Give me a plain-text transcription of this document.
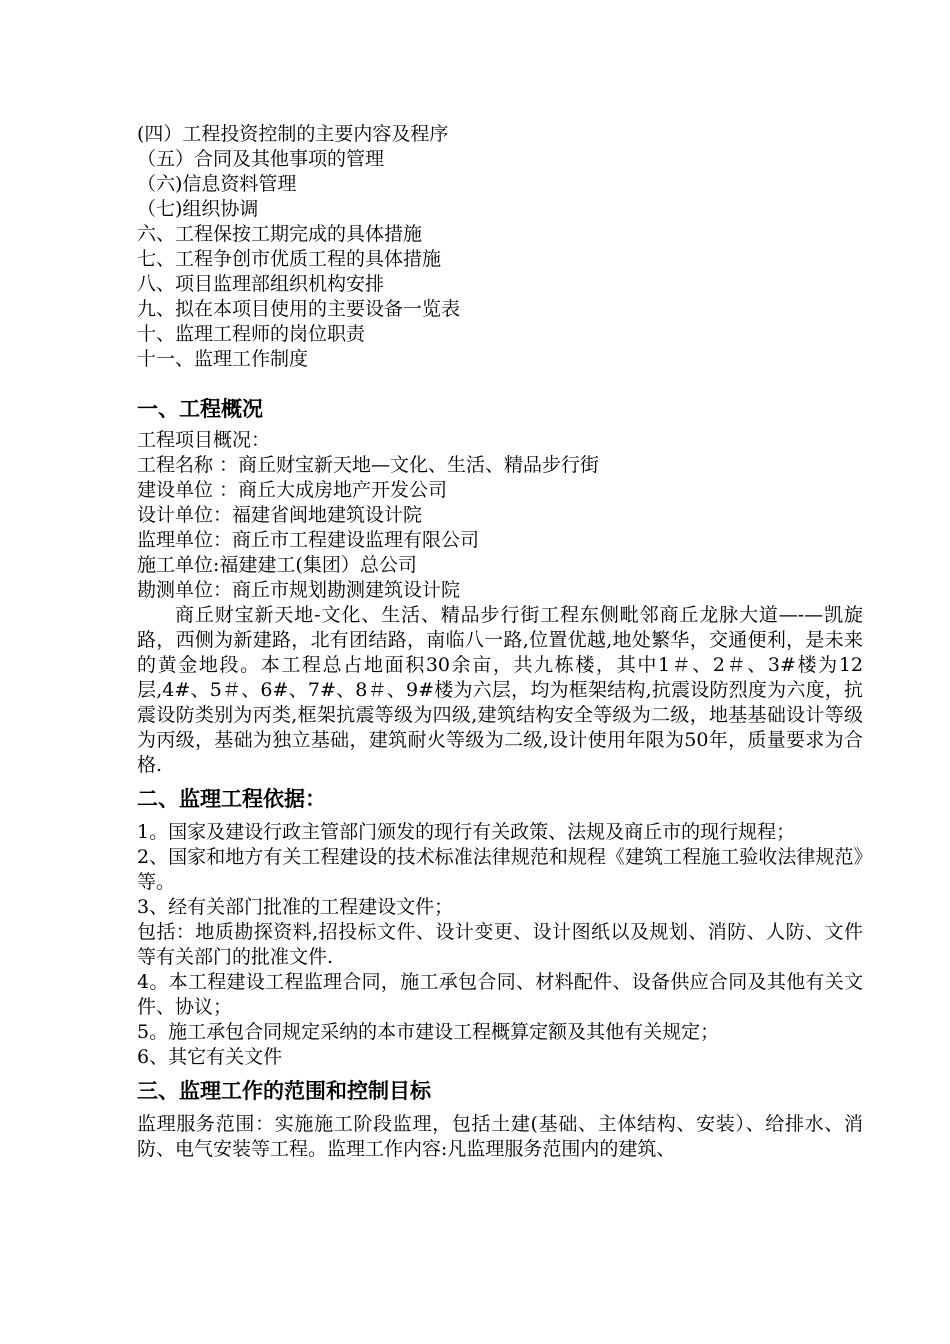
(四）工程投资控制的主要内容及程序
（五）合同及其他事项的管理
（六)信息资料管理
（七)组织协调
六、工程保按工期完成的具体措施
七、工程争创市优质工程的具体措施
八、项目监理部组织机构安排
九、拟在本项目使用的主要设备一览表
十、监理工程师的岗位职责
十一、监理工作制度
一、工程概况
工程项目概况：
工程名称 ：商丘财宝新天地—文化、生活、精品步行街
建设单位 ：商丘大成房地产开发公司
设计单位：福建省闽地建筑设计院
监理单位：商丘市工程建设监理有限公司
施工单位:福建建工(集团）总公司
勘测单位：商丘市规划勘测建筑设计院
商丘财宝新天地-文化、生活、精品步行街工程东侧毗邻商丘龙脉大道—-—凯旋路，西侧为新建路，北有团结路，南临八一路,位置优越,地处繁华，交通便利，是未来的黄金地段。本工程总占地面积30余亩，共九栋楼，其中1＃、2＃、3#楼为12层,4#、5＃、6#、7#、8＃、9#楼为六层，均为框架结构,抗震设防烈度为六度，抗震设防类别为丙类,框架抗震等级为四级,建筑结构安全等级为二级，地基基础设计等级为丙级，基础为独立基础，建筑耐火等级为二级,设计使用年限为50年，质量要求为合格.
二、监理工程依据：
1。国家及建设行政主管部门颁发的现行有关政策、法规及商丘市的现行规程；
2、国家和地方有关工程建设的技术标准法律规范和规程《建筑工程施工验收法律规范》等。
3、经有关部门批准的工程建设文件；
包括：地质勘探资料,招投标文件、设计变更、设计图纸以及规划、消防、人防、文件等有关部门的批准文件.
4。本工程建设工程监理合同，施工承包合同、材料配件、设备供应合同及其他有关文件、协议；
5。施工承包合同规定采纳的本市建设工程概算定额及其他有关规定；
6、其它有关文件
三、监理工作的范围和控制目标
监理服务范围：实施施工阶段监理，包括土建(基础、主体结构、安装）、给排水、消防、电气安装等工程。监理工作内容:凡监理服务范围内的建筑、
